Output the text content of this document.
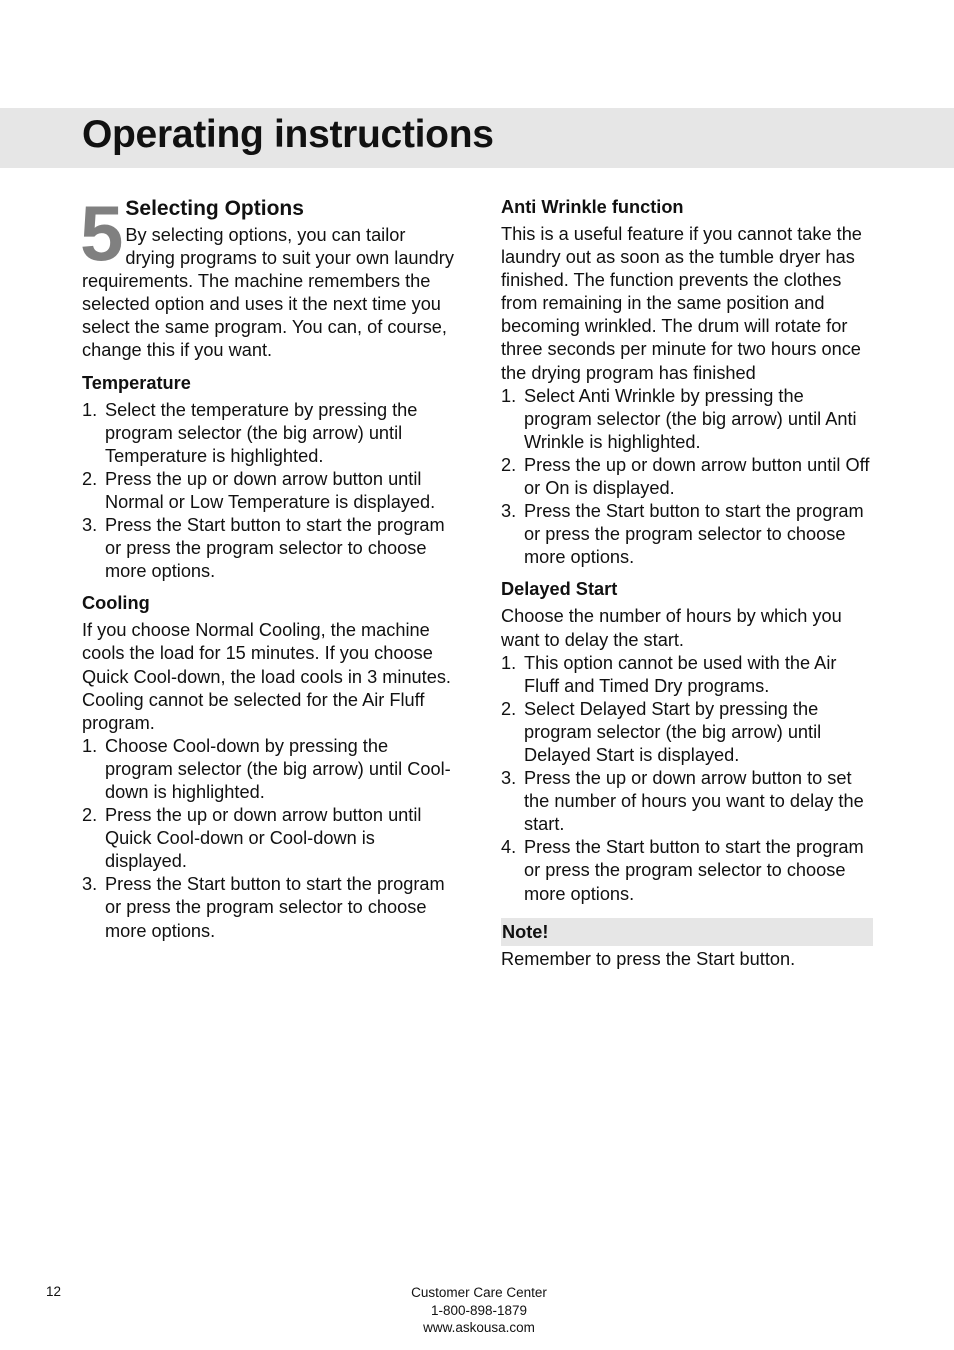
Operating instructions
5 Selecting Options

By selecting options, you can tailor drying programs to suit your own laundry requirements. The machine remembers the selected option and uses it the next time you select the same program. You can, of course, change this if you want.

Temperature
1. Select the temperature by pressing the program selector (the big arrow) until Temperature is highlighted.
2. Press the up or down arrow button until Normal or Low Temperature is displayed.
3. Press the Start button to start the program or press the program selector to choose more options.
Cooling

If you choose Normal Cooling, the machine cools the load for 15 minutes. If you choose Quick Cool-down, the load cools in 3 minutes. Cooling cannot be selected for the Air Fluff program.

1. Choose Cool-down by pressing the program selector (the big arrow) until Cool-down is highlighted.
2. Press the up or down arrow button until Quick Cool-down or Cool-down is displayed.
3. Press the Start button to start the program or press the program selector to choose more options.
Anti Wrinkle function

This is a useful feature if you cannot take the laundry out as soon as the tumble dryer has finished. The function prevents the clothes from remaining in the same position and becoming wrinkled. The drum will rotate for three seconds per minute for two hours once the drying program has finished

1. Select Anti Wrinkle by pressing the program selector (the big arrow) until Anti Wrinkle is highlighted.
2. Press the up or down arrow button until Off or On is displayed.
3. Press the Start button to start the program or press the program selector to choose more options.
Delayed Start

Choose the number of hours by which you want to delay the start.

1. This option cannot be used with the Air Fluff and Timed Dry programs.
2. Select Delayed Start by pressing the program selector (the big arrow) until Delayed Start is displayed.
3. Press the up or down arrow button to set the number of hours you want to delay the start.
4. Press the Start button to start the program or press the program selector to choose more options.
Note!

Remember to press the Start button.

12	Customer Care Center
1-800-898-1879
www.askousa.com
